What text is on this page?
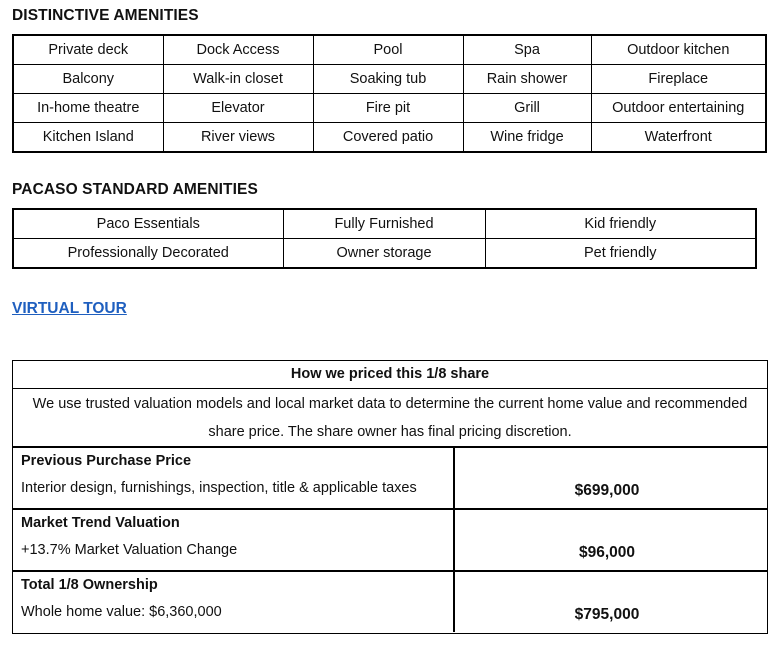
DISTINCTIVE AMENITIES
Private deck	Dock Access	Pool	Spa	Outdoor kitchen
Balcony	Walk-in closet	Soaking tub	Rain shower	Fireplace
In-home theatre	Elevator	Fire pit	Grill	Outdoor entertaining
Kitchen Island	River views	Covered patio	Wine fridge	Waterfront
PACASO STANDARD AMENITIES
Paco Essentials	Fully Furnished	Kid friendly
Professionally Decorated	Owner storage	Pet friendly
VIRTUAL TOUR
How we priced this 1/8 share
We use trusted valuation models and local market data to determine the current home value and recommended
share price. The share owner has final pricing discretion.
Previous Purchase Price
Interior design, furnishings, inspection, title & applicable taxes	$699,000
Market Trend Valuation
+13.7% Market Valuation Change	$96,000
Total 1/8 Ownership
Whole home value: $6,360,000	$795,000
